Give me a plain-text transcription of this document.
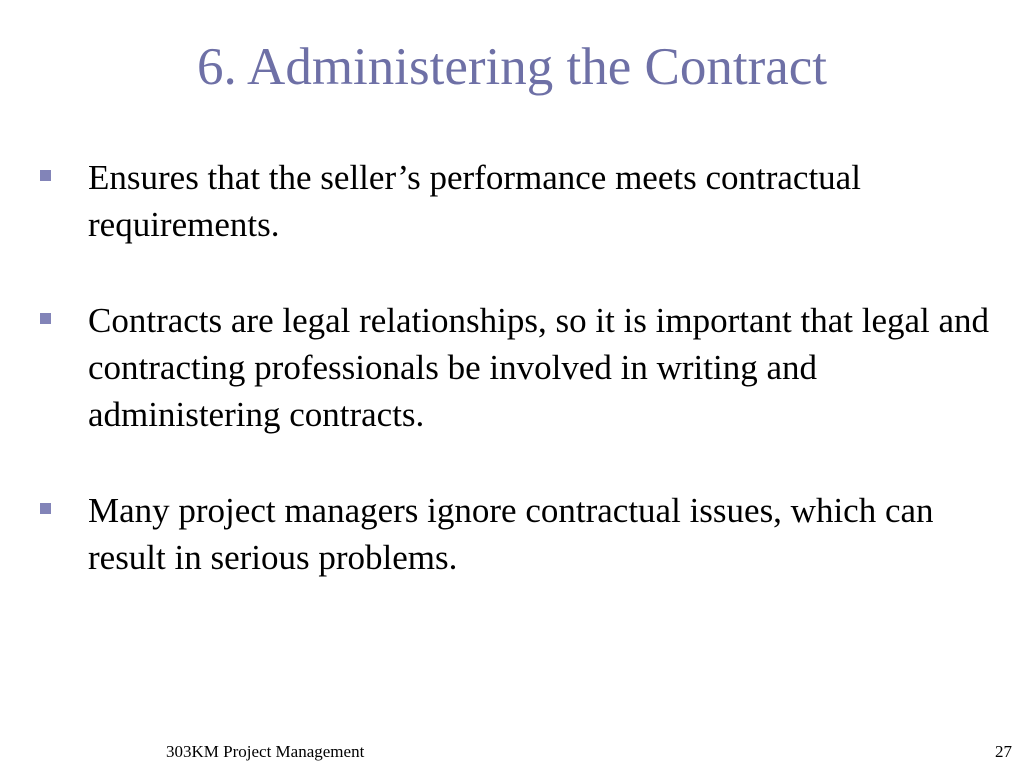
6. Administering the Contract
Ensures that the seller’s performance meets contractual requirements.
Contracts are legal relationships, so it is important that legal and contracting professionals be involved in writing and administering contracts.
Many project managers ignore contractual issues, which can result in serious problems.
303KM Project Management	27
